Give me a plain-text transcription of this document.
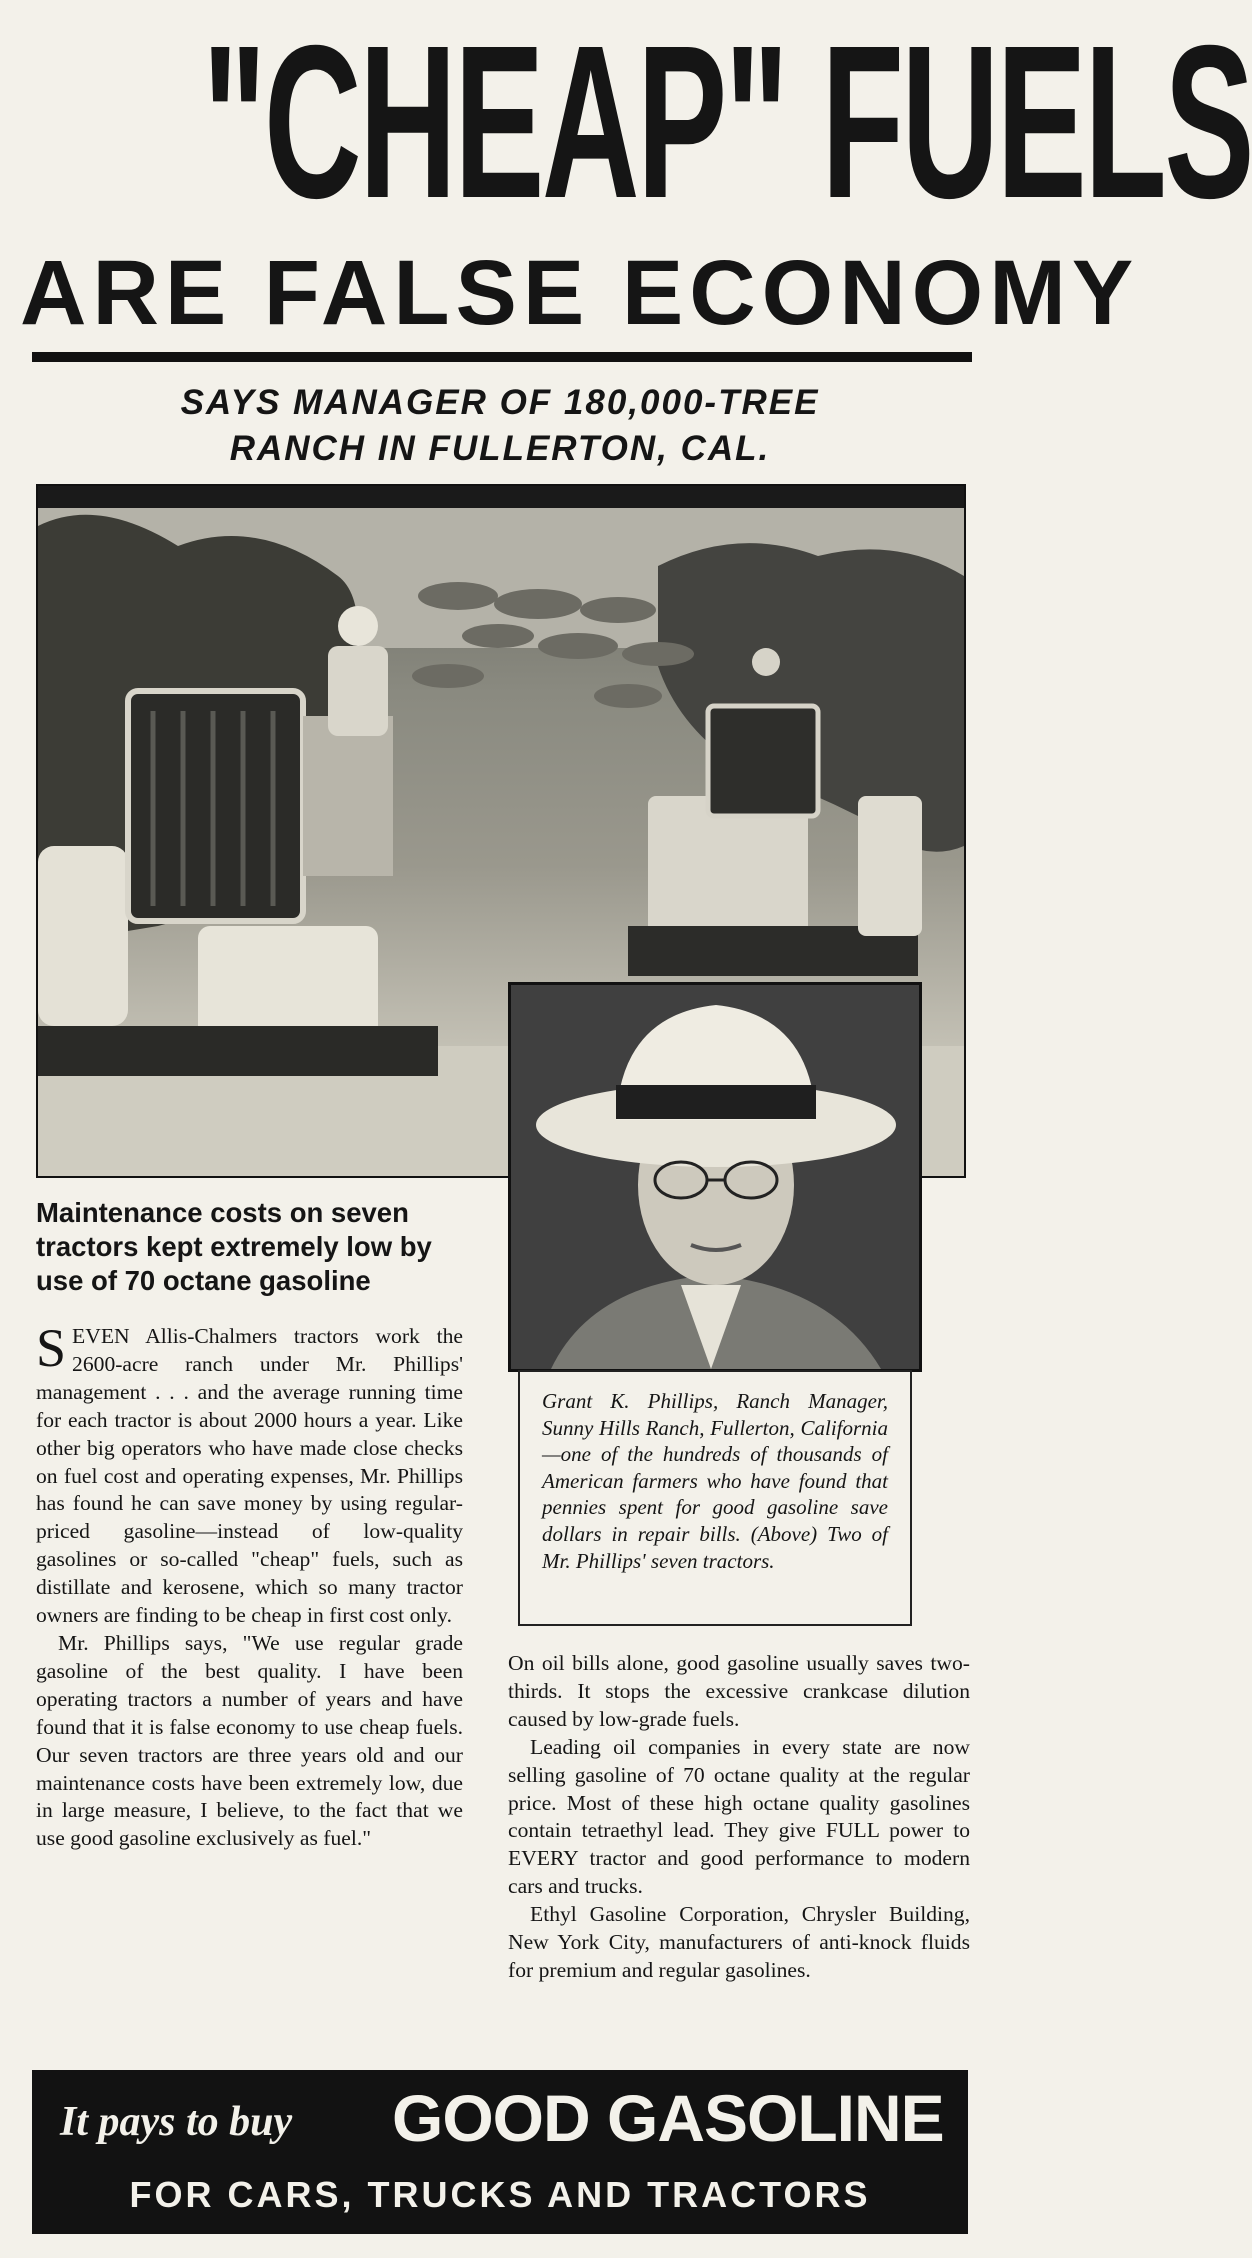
"CHEAP" FUELS
ARE FALSE ECONOMY
SAYS MANAGER OF 180,000-TREE
RANCH IN FULLERTON, CAL.
Grant K. Phillips, Ranch Manager, Sunny Hills Ranch, Fullerton, California—one of the hundreds of thousands of American farmers who have found that pennies spent for good gasoline save dollars in repair bills. (Above) Two of Mr. Phillips' seven tractors.
Maintenance costs on seven tractors kept extremely low by use of 70 octane gasoline

SEVEN Allis-Chalmers tractors work the 2600-acre ranch under Mr. Phillips' management . . . and the average running time for each tractor is about 2000 hours a year. Like other big operators who have made close checks on fuel cost and operating expenses, Mr. Phillips has found he can save money by using regular-priced gasoline—instead of low-quality gasolines or so-called "cheap" fuels, such as distillate and kerosene, which so many tractor owners are finding to be cheap in first cost only.

Mr. Phillips says, "We use regular grade gasoline of the best quality. I have been operating tractors a number of years and have found that it is false economy to use cheap fuels. Our seven tractors are three years old and our maintenance costs have been extremely low, due in large measure, I believe, to the fact that we use good gasoline exclusively as fuel."

On oil bills alone, good gasoline usually saves two-thirds. It stops the excessive crankcase dilution caused by low-grade fuels.

Leading oil companies in every state are now selling gasoline of 70 octane quality at the regular price. Most of these high octane quality gasolines contain tetraethyl lead. They give FULL power to EVERY tractor and good performance to modern cars and trucks.

Ethyl Gasoline Corporation, Chrysler Building, New York City, manufacturers of anti-knock fluids for premium and regular gasolines.

It pays to buy GOOD GASOLINE
FOR CARS, TRUCKS AND TRACTORS
